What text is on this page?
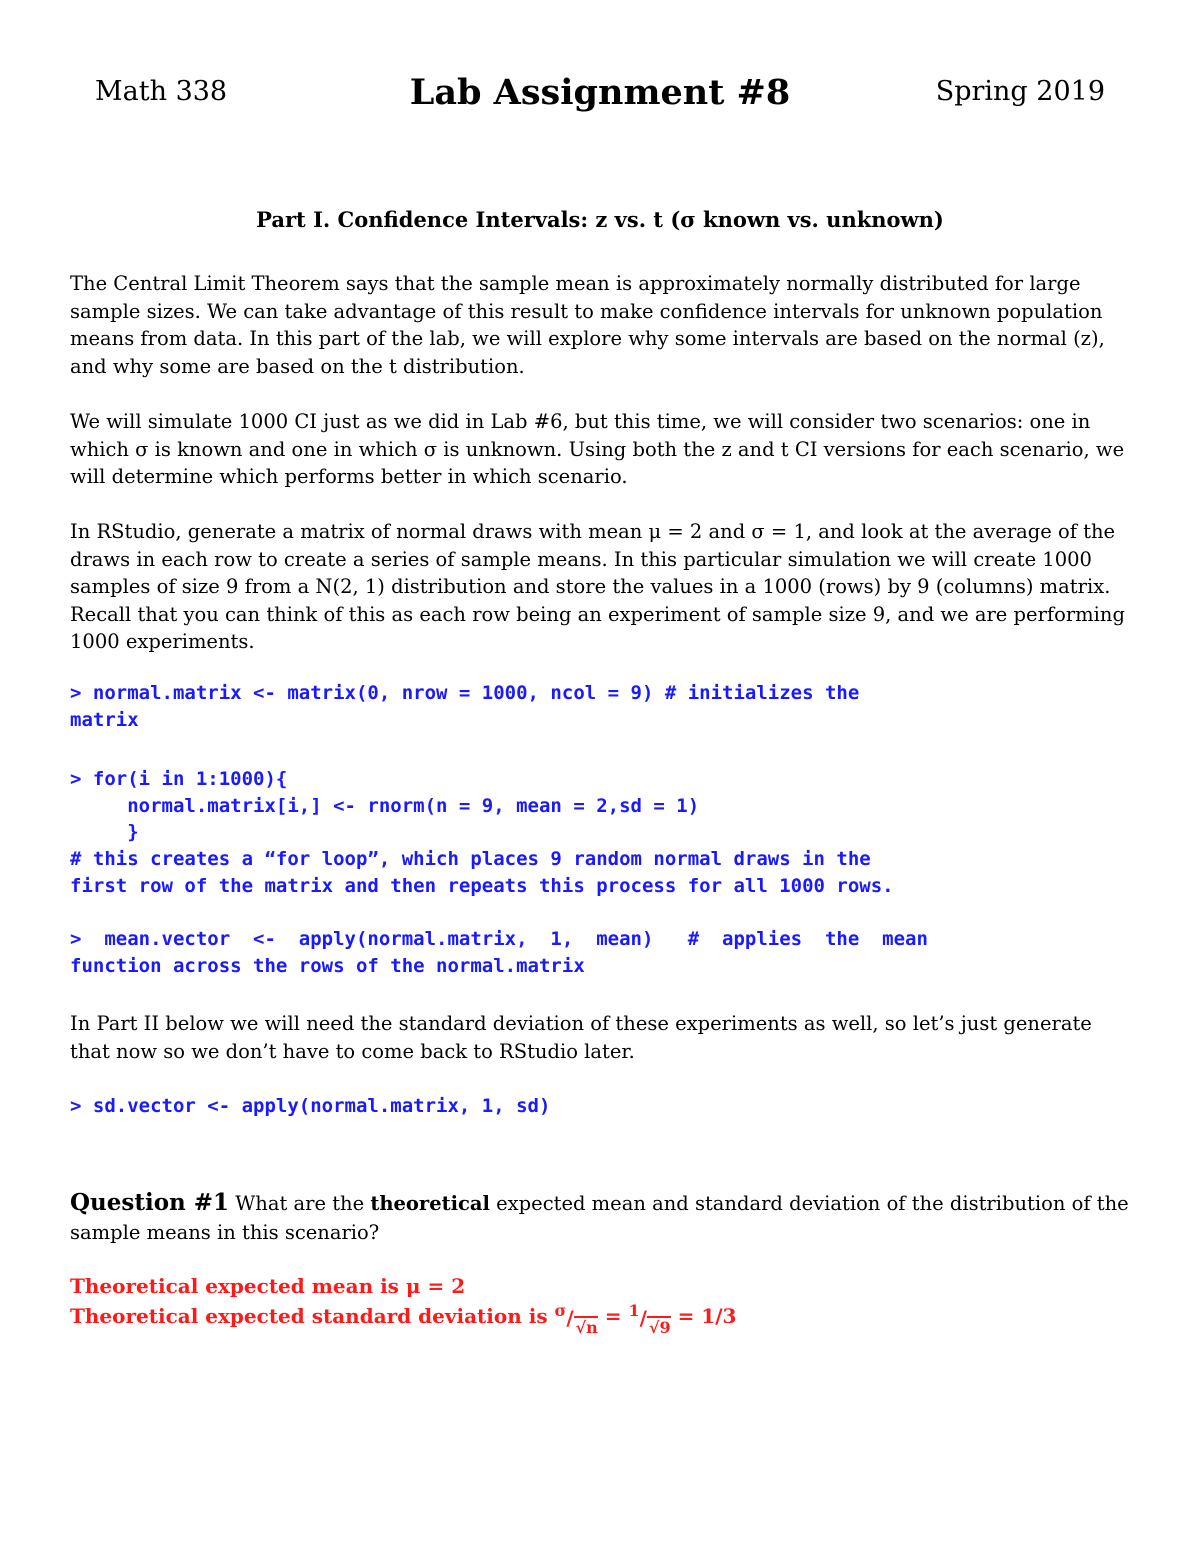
Math 338	Lab Assignment #8	Spring 2019
Part I. Confidence Intervals: z vs. t (σ known vs. unknown)
The Central Limit Theorem says that the sample mean is approximately normally distributed for large sample sizes. We can take advantage of this result to make confidence intervals for unknown population means from data. In this part of the lab, we will explore why some intervals are based on the normal (z), and why some are based on the t distribution.
We will simulate 1000 CI just as we did in Lab #6, but this time, we will consider two scenarios: one in which σ is known and one in which σ is unknown. Using both the z and t CI versions for each scenario, we will determine which performs better in which scenario.
In RStudio, generate a matrix of normal draws with mean μ = 2 and σ = 1, and look at the average of the draws in each row to create a series of sample means. In this particular simulation we will create 1000 samples of size 9 from a N(2, 1) distribution and store the values in a 1000 (rows) by 9 (columns) matrix. Recall that you can think of this as each row being an experiment of sample size 9, and we are performing 1000 experiments.
> normal.matrix <- matrix(0, nrow = 1000, ncol = 9) # initializes the
matrix
> for(i in 1:1000){
normal.matrix[i,] <- rnorm(n = 9, mean = 2,sd = 1)
}
# this creates a “for loop”, which places 9 random normal draws in the
first row of the matrix and then repeats this process for all 1000 rows.
>  mean.vector  <-  apply(normal.matrix,  1,  mean)   #  applies  the  mean
function across the rows of the normal.matrix
In Part II below we will need the standard deviation of these experiments as well, so let’s just generate that now so we don’t have to come back to RStudio later.
> sd.vector <- apply(normal.matrix, 1, sd)
Question #1 What are the theoretical expected mean and standard deviation of the distribution of the sample means in this scenario?
Theoretical expected mean is μ = 2
Theoretical expected standard deviation is $^\sigma$/ $_{√n}$ = $^1$/ $_{√9}$ = 1/3
